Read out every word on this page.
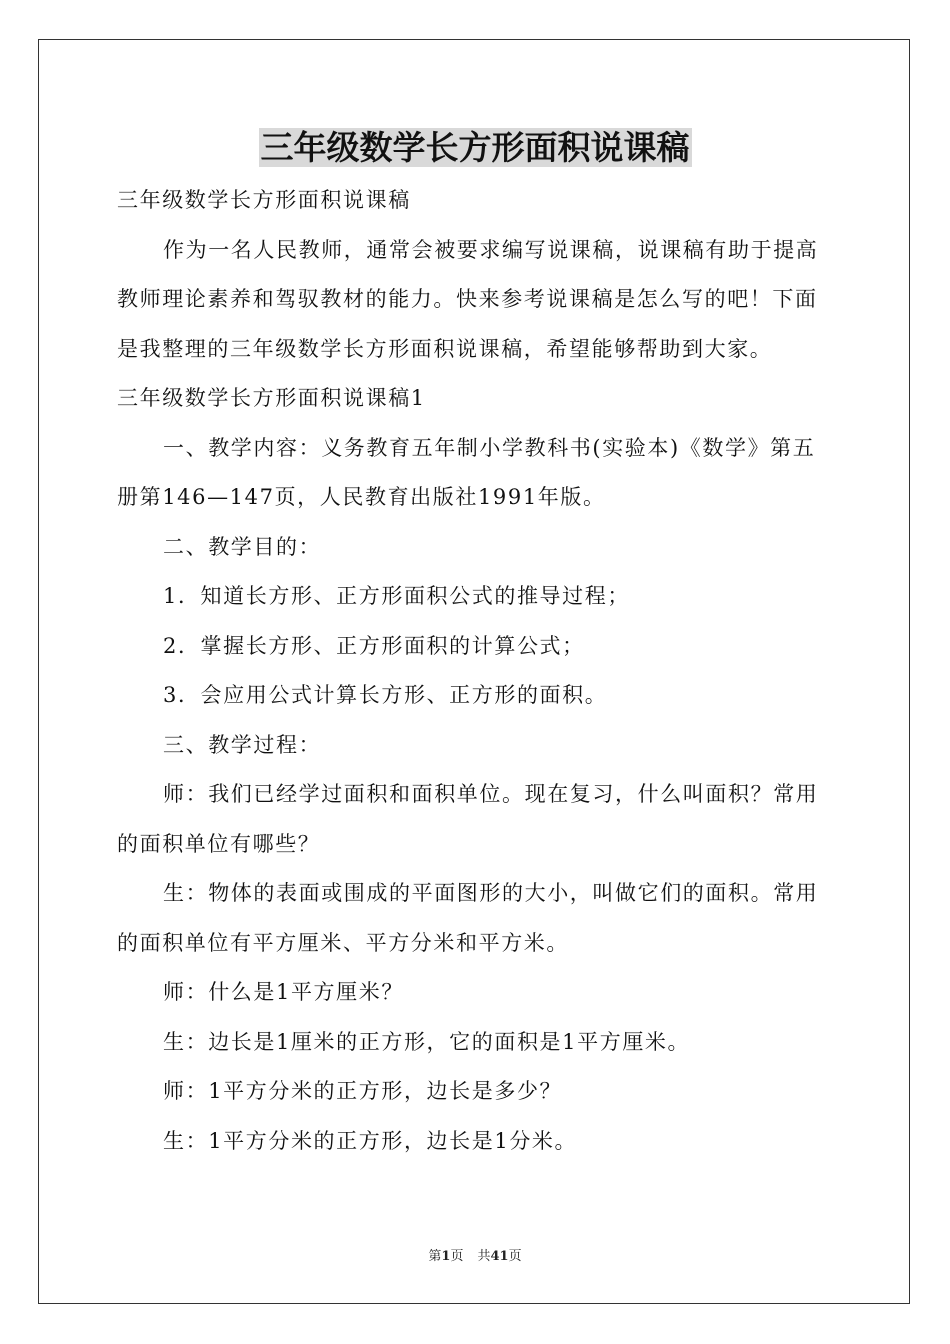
三年级数学长方形面积说课稿

三年级数学长方形面积说课稿

作为一名人民教师，通常会被要求编写说课稿，说课稿有助于提高教师理论素养和驾驭教材的能力。快来参考说课稿是怎么写的吧！下面是我整理的三年级数学长方形面积说课稿，希望能够帮助到大家。

三年级数学长方形面积说课稿1

一、教学内容：义务教育五年制小学教科书(实验本)《数学》第五册第146—147页，人民教育出版社1991年版。

二、教学目的：

1．知道长方形、正方形面积公式的推导过程；

2．掌握长方形、正方形面积的计算公式；

3．会应用公式计算长方形、正方形的面积。

三、教学过程：

师：我们已经学过面积和面积单位。现在复习，什么叫面积？常用的面积单位有哪些？

生：物体的表面或围成的平面图形的大小，叫做它们的面积。常用的面积单位有平方厘米、平方分米和平方米。

师：什么是1平方厘米？

生：边长是1厘米的正方形，它的面积是1平方厘米。

师：1平方分米的正方形，边长是多少？

生：1平方分米的正方形，边长是1分米。

第1页 共41页
